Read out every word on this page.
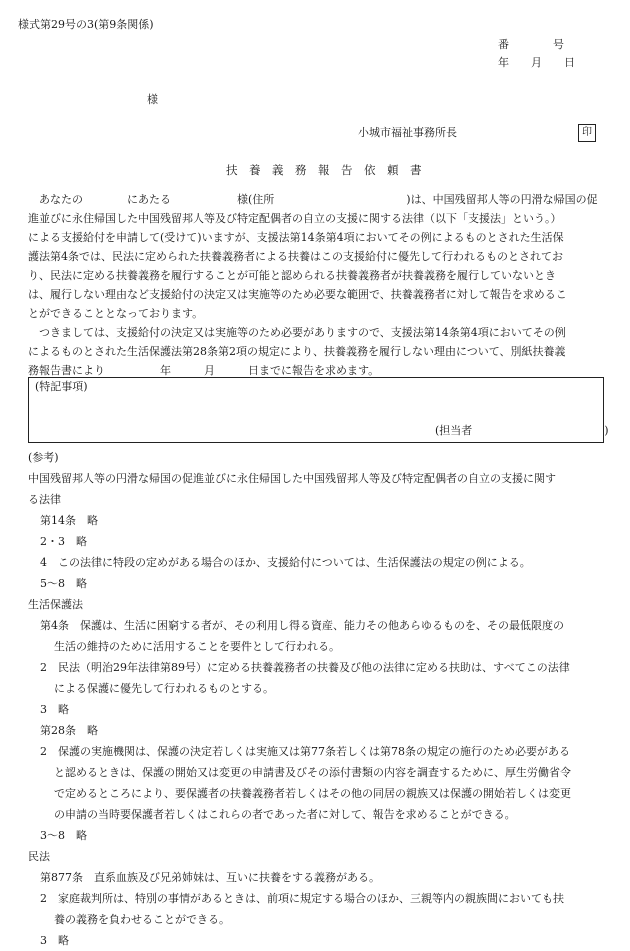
様式第29号の3(第9条関係)
番　　　　号
年　　月　　日
様
小城市福祉事務所長	印
扶　養　義　務　報　告　依　頼　書
　あなたの　　　　にあたる　　　　　　様(住所　　　　　　　　　　　　)は、中国残留邦人等の円滑な帰国の促
進並びに永住帰国した中国残留邦人等及び特定配偶者の自立の支援に関する法律（以下「支援法」という。）
による支援給付を申請して(受けて)いますが、支援法第14条第4項においてその例によるものとされた生活保
護法第4条では、民法に定められた扶養義務者による扶養はこの支援給付に優先して行われるものとされてお
り、民法に定める扶養義務を履行することが可能と認められる扶養義務者が扶養義務を履行していないとき
は、履行しない理由など支援給付の決定又は実施等のため必要な範囲で、扶養義務者に対して報告を求めるこ
とができることとなっております。
　つきましては、支援給付の決定又は実施等のため必要がありますので、支援法第14条第4項においてその例
によるものとされた生活保護法第28条第2項の規定により、扶養義務を履行しない理由について、別紙扶養義
務報告書により　　　　　年　　　月　　　日までに報告を求めます。
(特記事項)
(担当者　　　　　　　　　　　　)
(参考)
中国残留邦人等の円滑な帰国の促進並びに永住帰国した中国残留邦人等及び特定配偶者の自立の支援に関す
る法律
第14条　略
2・3　略
4　この法律に特段の定めがある場合のほか、支援給付については、生活保護法の規定の例による。
5〜8　略
生活保護法
第4条　保護は、生活に困窮する者が、その利用し得る資産、能力その他あらゆるものを、その最低限度の
生活の維持のために活用することを要件として行われる。
2　民法（明治29年法律第89号）に定める扶養義務者の扶養及び他の法律に定める扶助は、すべてこの法律
による保護に優先して行われるものとする。
3　略
第28条　略
2　保護の実施機関は、保護の決定若しくは実施又は第77条若しくは第78条の規定の施行のため必要がある
と認めるときは、保護の開始又は変更の申請書及びその添付書類の内容を調査するために、厚生労働省令
で定めるところにより、要保護者の扶養義務者若しくはその他の同居の親族又は保護の開始若しくは変更
の申請の当時要保護者若しくはこれらの者であった者に対して、報告を求めることができる。
3〜8　略
民法
第877条　直系血族及び兄弟姉妹は、互いに扶養をする義務がある。
2　家庭裁判所は、特別の事情があるときは、前項に規定する場合のほか、三親等内の親族間においても扶
養の義務を負わせることができる。
3　略
